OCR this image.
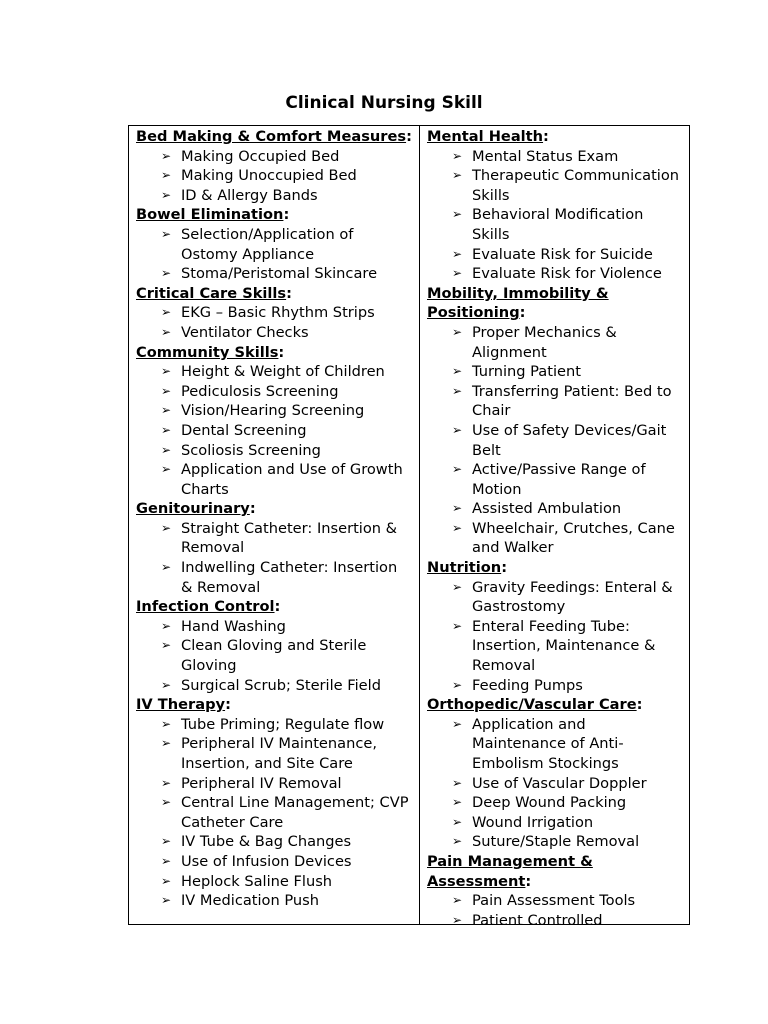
Clinical Nursing Skill
Bed Making & Comfort Measures:
➢ Making Occupied Bed
➢ Making Unoccupied Bed
➢ ID & Allergy Bands
Bowel Elimination:
➢ Selection/Application of Ostomy Appliance
➢ Stoma/Peristomal Skincare
Critical Care Skills:
➢ EKG – Basic Rhythm Strips
➢ Ventilator Checks
Community Skills:
➢ Height & Weight of Children
➢ Pediculosis Screening
➢ Vision/Hearing Screening
➢ Dental Screening
➢ Scoliosis Screening
➢ Application and Use of Growth Charts
Genitourinary:
➢ Straight Catheter: Insertion & Removal
➢ Indwelling Catheter: Insertion & Removal
Infection Control:
➢ Hand Washing
➢ Clean Gloving and Sterile Gloving
➢ Surgical Scrub; Sterile Field
IV Therapy:
➢ Tube Priming; Regulate flow
➢ Peripheral IV Maintenance, Insertion, and Site Care
➢ Peripheral IV Removal
➢ Central Line Management; CVP Catheter Care
➢ IV Tube & Bag Changes
➢ Use of Infusion Devices
➢ Heplock Saline Flush
➢ IV Medication Push
Mental Health:
➢ Mental Status Exam
➢ Therapeutic Communication Skills
➢ Behavioral Modification Skills
➢ Evaluate Risk for Suicide
➢ Evaluate Risk for Violence
Mobility, Immobility & Positioning:
➢ Proper Mechanics & Alignment
➢ Turning Patient
➢ Transferring Patient: Bed to Chair
➢ Use of Safety Devices/Gait Belt
➢ Active/Passive Range of Motion
➢ Assisted Ambulation
➢ Wheelchair, Crutches, Cane and Walker
Nutrition:
➢ Gravity Feedings: Enteral & Gastrostomy
➢ Enteral Feeding Tube: Insertion, Maintenance & Removal
➢ Feeding Pumps
Orthopedic/Vascular Care:
➢ Application and Maintenance of Anti-Embolism Stockings
➢ Use of Vascular Doppler
➢ Deep Wound Packing
➢ Wound Irrigation
➢ Suture/Staple Removal
Pain Management & Assessment:
➢ Pain Assessment Tools
➢ Patient Controlled
